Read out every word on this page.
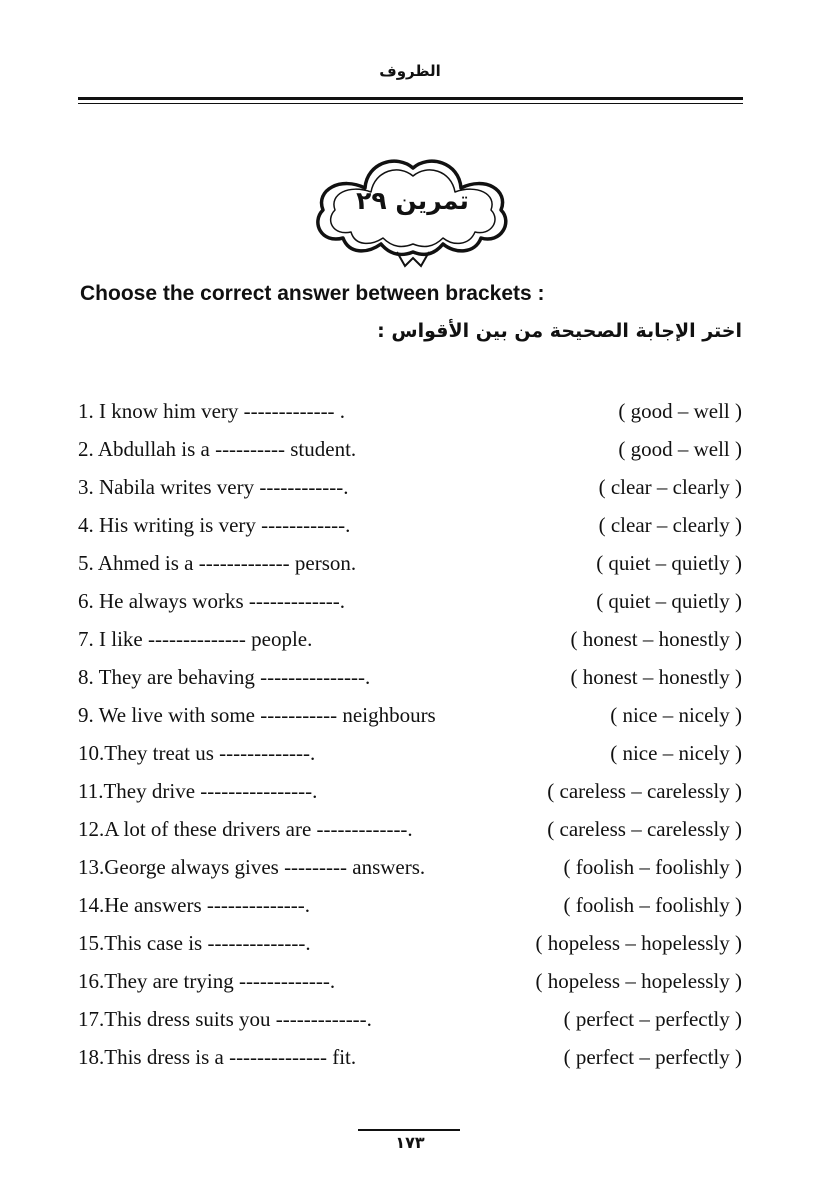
الظروف
تمرين ٢٩
Choose the correct answer between brackets :
اختر الإجابة الصحيحة من بين الأقواس :
1. I know him very ------------- .	( good – well )
2. Abdullah is a ---------- student.	( good – well )
3. Nabila writes very ------------.	( clear – clearly )
4. His writing is very ------------.	( clear – clearly )
5. Ahmed is a ------------- person.	( quiet – quietly )
6. He always works -------------.	( quiet – quietly )
7. I like -------------- people.	( honest – honestly )
8. They are behaving ---------------.	( honest – honestly )
9. We live with some ----------- neighbours	( nice – nicely )
10.They treat us -------------.	( nice – nicely )
11.They drive ----------------.	( careless – carelessly )
12.A lot of these drivers are -------------.	( careless – carelessly )
13.George always gives --------- answers.	( foolish – foolishly )
14.He answers --------------.	( foolish – foolishly )
15.This case is --------------.	( hopeless – hopelessly )
16.They are trying -------------.	( hopeless – hopelessly )
17.This dress suits you -------------.	( perfect – perfectly )
18.This dress is a -------------- fit.	( perfect – perfectly )
١٧٣
